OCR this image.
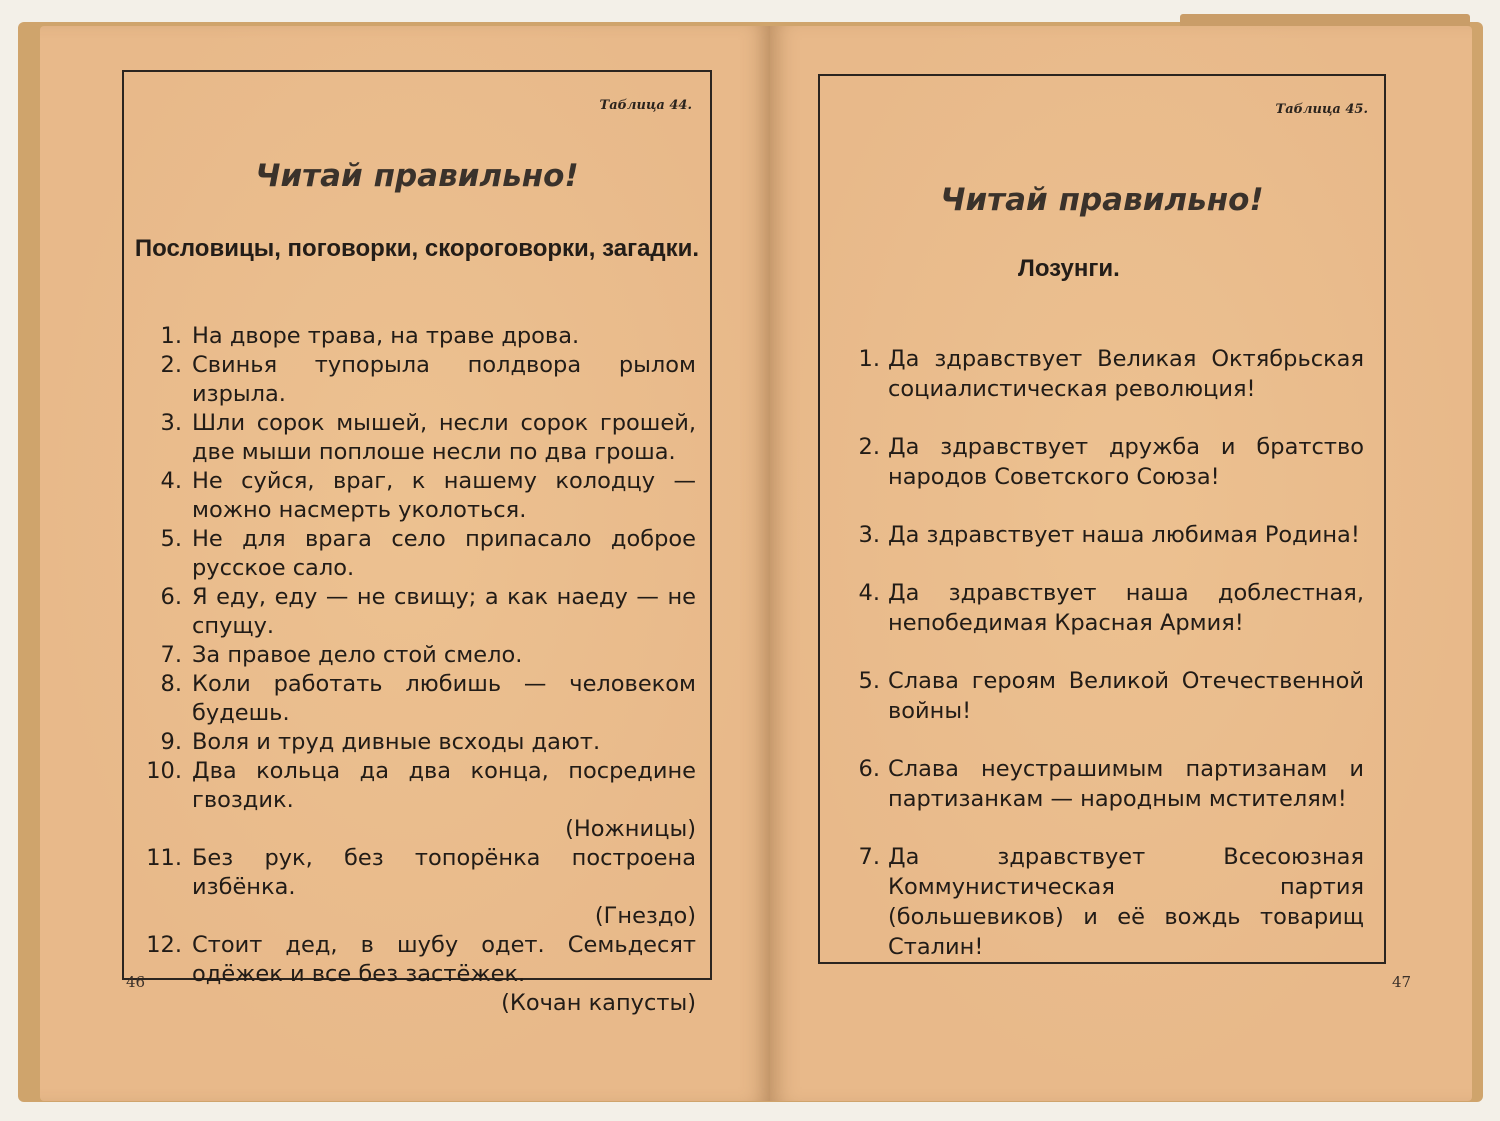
Таблица 44.
Читай правильно!
Пословицы, поговорки, скороговорки, загадки.
1. На дворе трава, на траве дрова.
2. Свинья тупорыла полдвора рылом изрыла.
3. Шли сорок мышей, несли сорок грошей, две мыши поплоше несли по два гроша.
4. Не суйся, враг, к нашему колодцу — можно насмерть уколоться.
5. Не для врага село припасало доброе русское сало.
6. Я еду, еду — не свищу; а как наеду — не спущу.
7. За правое дело стой смело.
8. Коли работать любишь — человеком будешь.
9. Воля и труд дивные всходы дают.
10. Два кольца да два конца, посредине гвоздик.
(Ножницы)
11. Без рук, без топорёнка построена избёнка.
(Гнездо)
12. Стоит дед, в шубу одет. Семьдесят одёжек и все без застёжек.
(Кочан капусты)
46
Таблица 45.
Читай правильно!
Лозунги.
1. Да здравствует Великая Октябрьская социалистическая революция!
2. Да здравствует дружба и братство народов Советского Союза!
3. Да здравствует наша любимая Родина!
4. Да здравствует наша доблестная, непобедимая Красная Армия!
5. Слава героям Великой Отечественной войны!
6. Слава неустрашимым партизанам и партизанкам — народным мстителям!
7. Да здравствует Всесоюзная Коммунистическая партия (большевиков) и её вождь товарищ Сталин!
47
